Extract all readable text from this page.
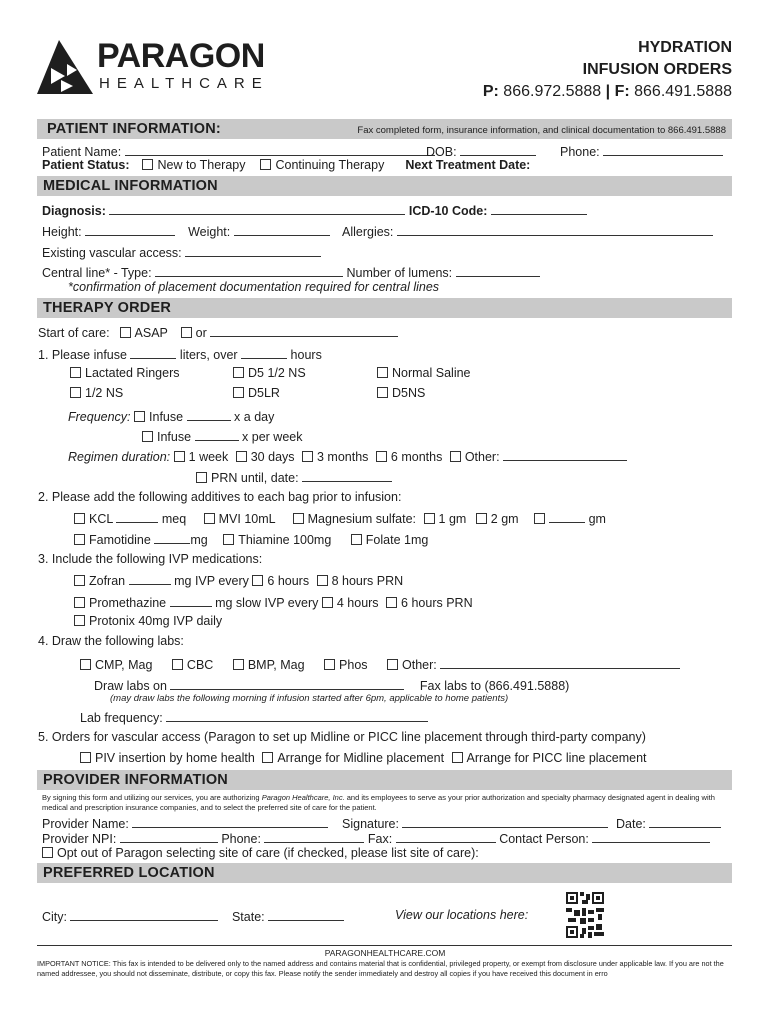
PARAGON
HEALTHCARE
HYDRATION
INFUSION ORDERS
P: 866.972.5888 | F: 866.491.5888
PATIENT INFORMATION:	Fax completed form, insurance information, and clinical documentation to 866.491.5888
Patient Name:	DOB:	Phone:
Patient Status: New to Therapy Continuing Therapy Next Treatment Date:
MEDICAL INFORMATION
Diagnosis:	ICD-10 Code:
Height:	Weight:	Allergies:
Existing vascular access:
Central line* - Type:	Number of lumens:
*confirmation of placement documentation required for central lines
THERAPY ORDER
Start of care: ASAP or
1. Please infuse	liters, over	hours
Lactated Ringers	D5 1/2 NS	Normal Saline
1/2 NS	D5LR	D5NS
Frequency: Infuse	x a day
Infuse	x per week
Regimen duration: 1 week 30 days 3 months 6 months Other:
PRN until, date:
2. Please add the following additives to each bag prior to infusion:
KCL	meq	MVI 10mL	Magnesium sulfate: 1 gm 2 gm	gm
Famotidine	mg Thiamine 100mg	Folate 1mg
3. Include the following IVP medications:
Zofran	mg IVP every 6 hours 8 hours PRN
Promethazine	mg slow IVP every 4 hours 6 hours PRN
Protonix 40mg IVP daily
4. Draw the following labs:
CMP, Mag	CBC	BMP, Mag	Phos	Other:
Draw labs on	Fax labs to (866.491.5888)
(may draw labs the following morning if infusion started after 6pm, applicable to home patients)
Lab frequency:
5. Orders for vascular access (Paragon to set up Midline or PICC line placement through third-party company)
PIV insertion by home health Arrange for Midline placement Arrange for PICC line placement
PROVIDER INFORMATION
By signing this form and utilizing our services, you are authorizing Paragon Healthcare, Inc. and its employees to serve as your prior authorization and specialty pharmacy designated agent in dealing with medical and prescription insurance companies, and to select the preferred site of care for the patient.
Provider Name:	Signature:	Date:
Provider NPI:	Phone:	Fax:	Contact Person:
Opt out of Paragon selecting site of care (if checked, please list site of care):
PREFERRED LOCATION
City:	State:	View our locations here:
PARAGONHEALTHCARE.COM
IMPORTANT NOTICE: This fax is intended to be delivered only to the named address and contains material that is confidential, privileged property, or exempt from disclosure under applicable law. If you are not the named addressee, you should not disseminate, distribute, or copy this fax. Please notify the sender immediately and destroy all copies if you have received this document in erro
